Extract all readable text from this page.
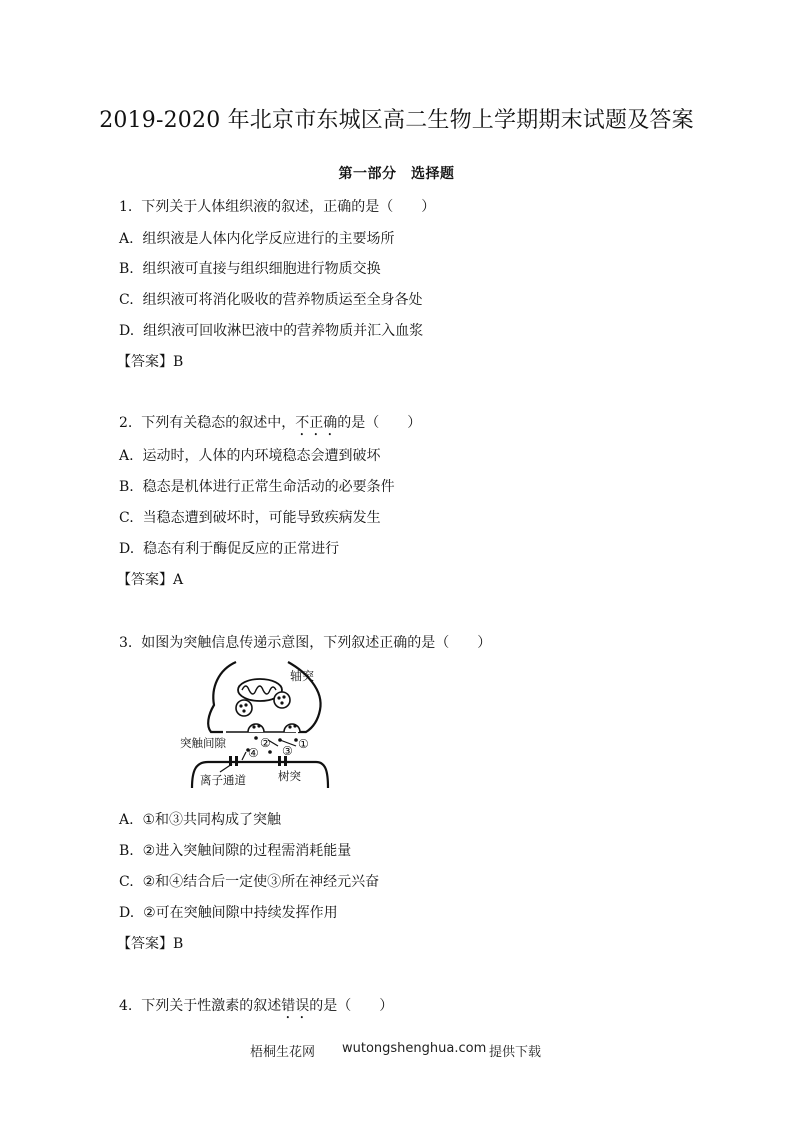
2019-2020 年北京市东城区高二生物上学期期末试题及答案
第一部分　选择题

1.  下列关于人体组织液的叙述，正确的是（　　）

A.  组织液是人体内化学反应进行的主要场所

B.  组织液可直接与组织细胞进行物质交换

C.  组织液可将消化吸收的营养物质运至全身各处

D.  组织液可回收淋巴液中的营养物质并汇入血浆

【答案】B

2.  下列有关稳态的叙述中，不正确的是（　　）

A.  运动时，人体的内环境稳态会遭到破坏

B.  稳态是机体进行正常生命活动的必要条件

C.  当稳态遭到破坏时，可能导致疾病发生

D.  稳态有利于酶促反应的正常进行

【答案】A

3.  如图为突触信息传递示意图，下列叙述正确的是（　　）

轴突
突触间隙	② ①
④ ③
离子通道	树突

A.  ①和③共同构成了突触

B.  ②进入突触间隙的过程需消耗能量

C.  ②和④结合后一定使③所在神经元兴奋

D.  ②可在突触间隙中持续发挥作用

【答案】B

4.  下列关于性激素的叙述错误的是（　　）

梧桐生花网 wutongshenghua.com 提供下载
